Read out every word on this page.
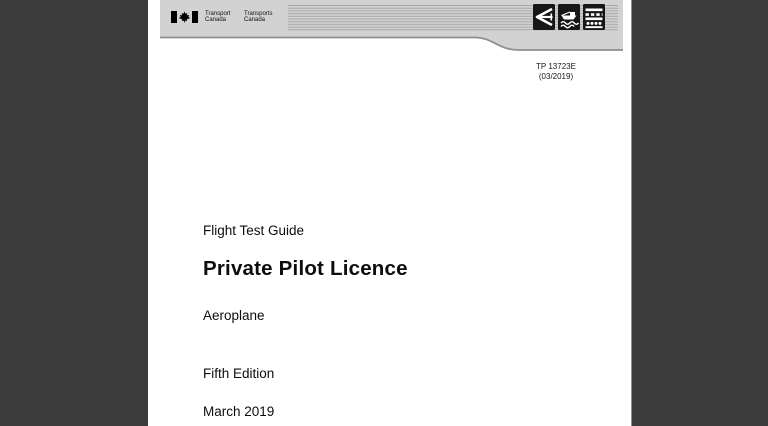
Transport
Canada
Transports
Canada
TP 13723E
(03/2019)
Flight Test Guide
Private Pilot Licence
Aeroplane
Fifth Edition
March 2019
